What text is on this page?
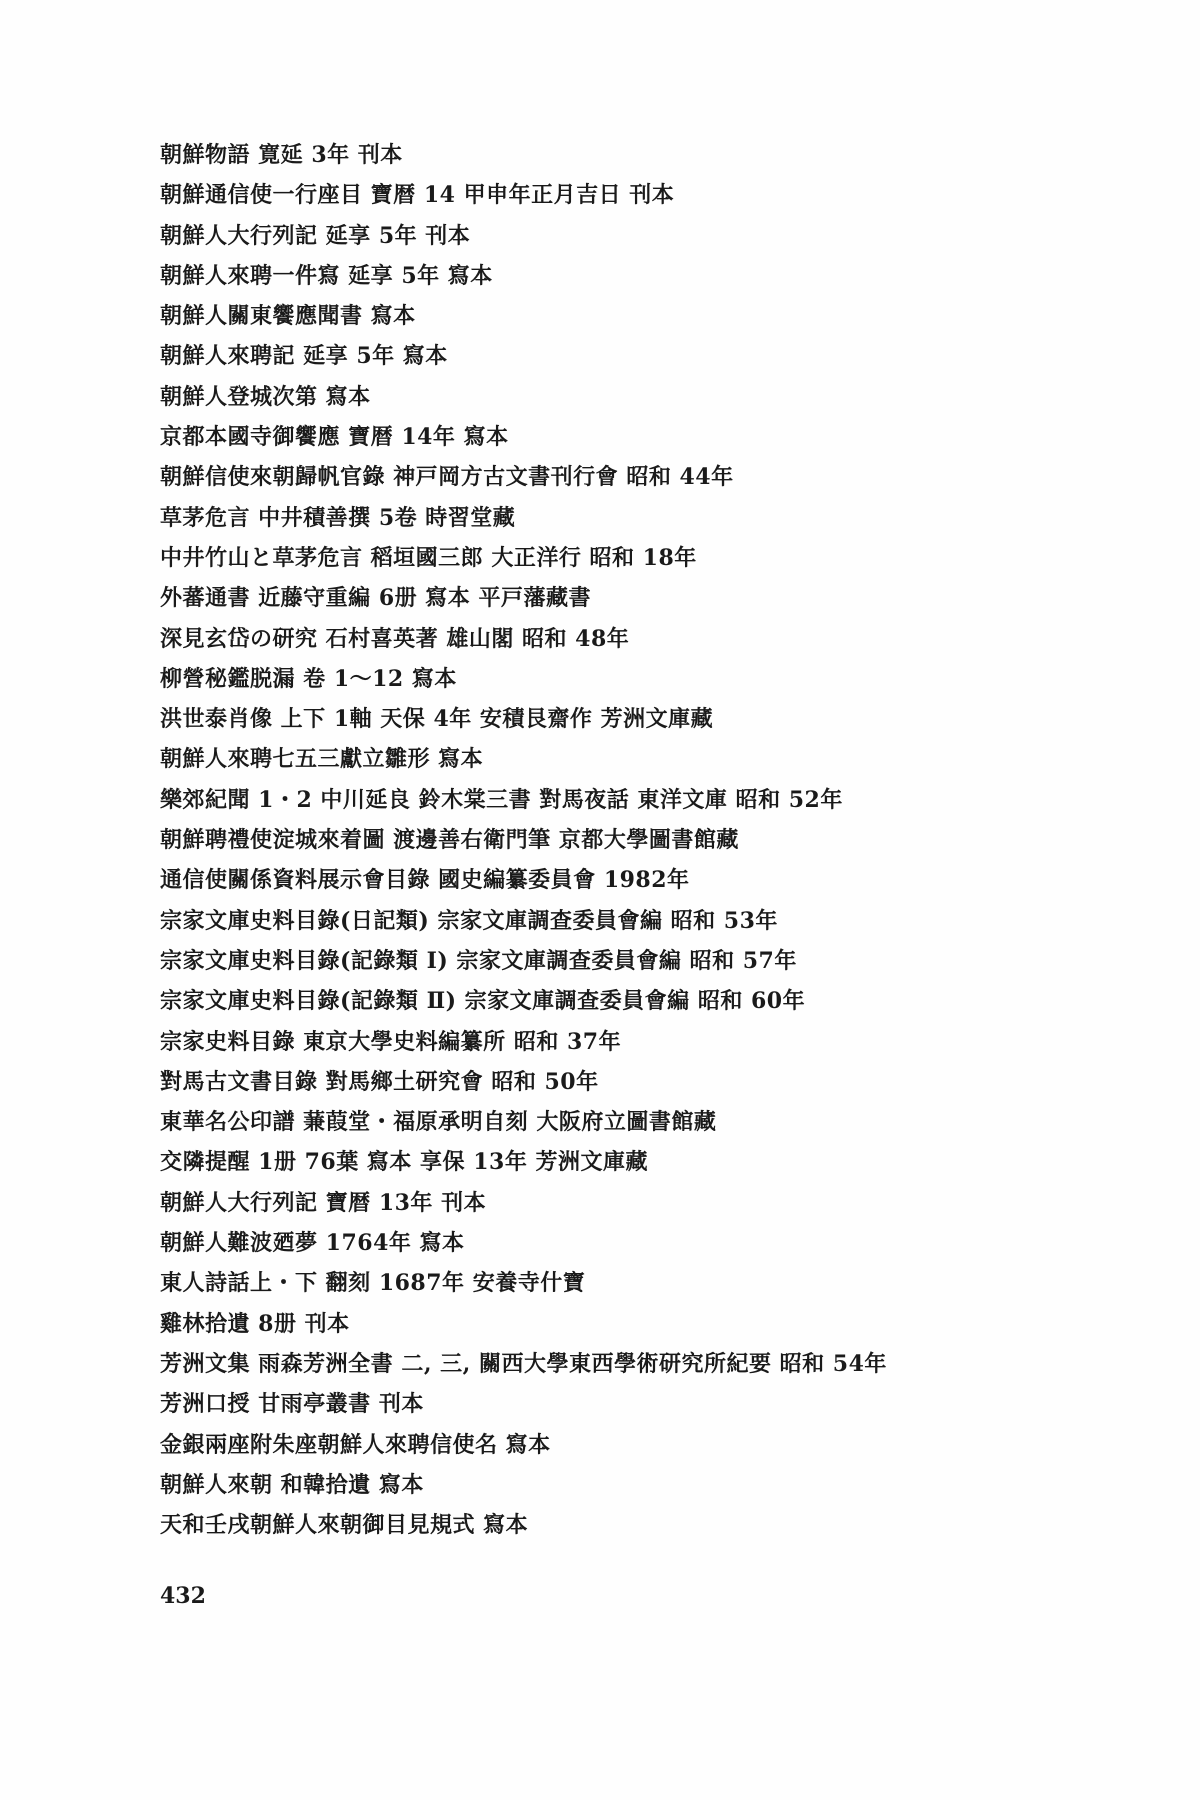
朝鮮物語 寛延 3年 刊本
朝鮮通信使一行座目 寶暦 14 甲申年正月吉日 刊本
朝鮮人大行列記 延享 5年 刊本
朝鮮人來聘一件寫 延享 5年 寫本
朝鮮人關東饗應聞書 寫本
朝鮮人來聘記 延享 5年 寫本
朝鮮人登城次第 寫本
京都本國寺御饗應 寶暦 14年 寫本
朝鮮信使來朝歸帆官錄 神戸岡方古文書刊行會 昭和 44年
草茅危言 中井積善撰 5卷 時習堂藏
中井竹山と草茅危言 稻垣國三郎 大正洋行 昭和 18年
外蕃通書 近藤守重編 6册 寫本 平戸藩藏書
深見玄岱の研究 石村喜英著 雄山閣 昭和 48年
柳營秘鑑脱漏 卷 1～12 寫本
洪世泰肖像 上下 1軸 天保 4年 安積艮齋作 芳洲文庫藏
朝鮮人來聘七五三獻立雛形 寫本
樂郊紀聞 1・2 中川延良 鈴木棠三書 對馬夜話 東洋文庫 昭和 52年
朝鮮聘禮使淀城來着圖 渡邊善右衛門筆 京都大學圖書館藏
通信使關係資料展示會目錄 國史編纂委員會 1982年
宗家文庫史料目錄(日記類) 宗家文庫調查委員會編 昭和 53年
宗家文庫史料目錄(記錄類 Ⅰ) 宗家文庫調查委員會編 昭和 57年
宗家文庫史料目錄(記錄類 Ⅱ) 宗家文庫調查委員會編 昭和 60年
宗家史料目錄 東京大學史料編纂所 昭和 37年
對馬古文書目錄 對馬鄉土研究會 昭和 50年
東華名公印譜 蒹葭堂・福原承明自刻 大阪府立圖書館藏
交隣提醒 1册 76葉 寫本 享保 13年 芳洲文庫藏
朝鮮人大行列記 寶暦 13年 刊本
朝鮮人難波廼夢 1764年 寫本
東人詩話上・下 翻刻 1687年 安養寺什寶
雞林拾遺 8册 刊本
芳洲文集 雨森芳洲全書 二, 三, 關西大學東西學術研究所紀要 昭和 54年
芳洲口授 甘雨亭叢書 刊本
金銀兩座附朱座朝鮮人來聘信使名 寫本
朝鮮人來朝 和韓拾遺 寫本
天和壬戌朝鮮人來朝御目見規式 寫本
432
